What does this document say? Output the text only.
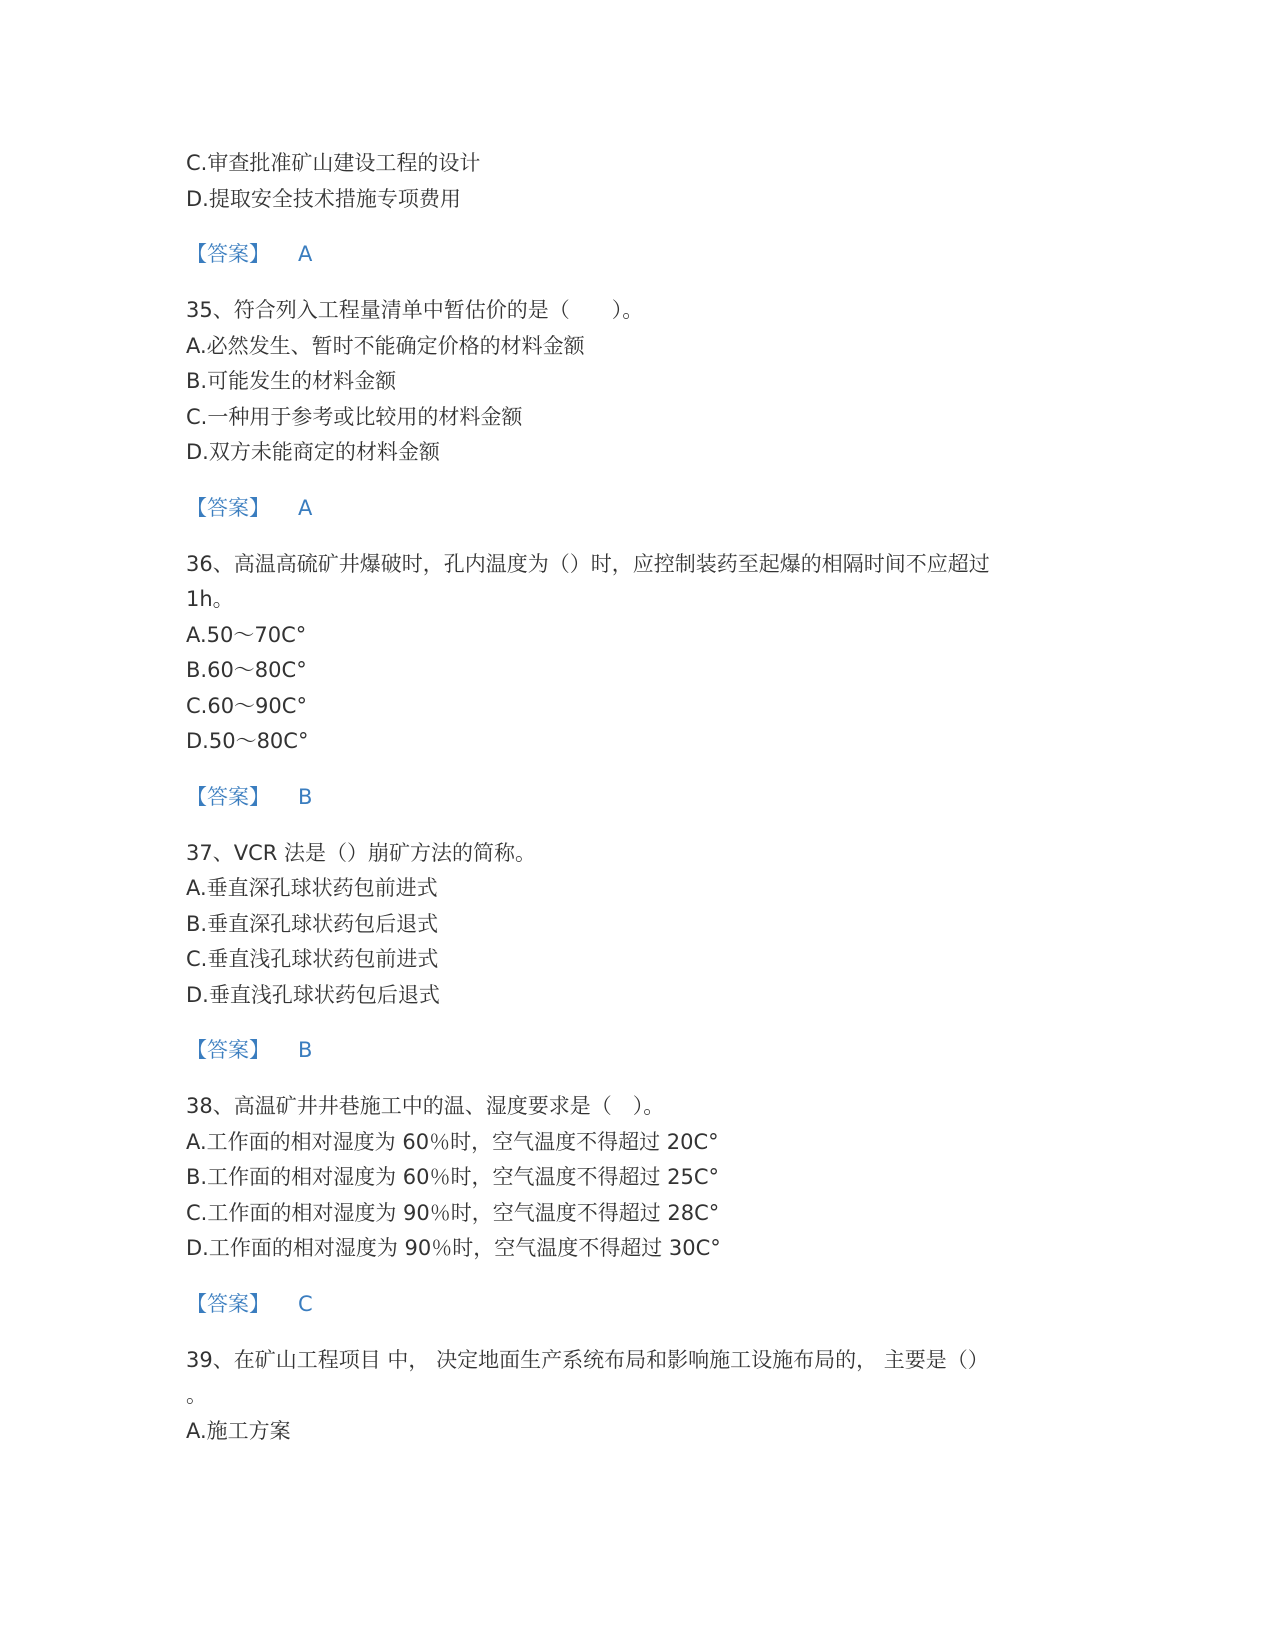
C.审查批准矿山建设工程的设计
D.提取安全技术措施专项费用
【答案】 A
35、符合列入工程量清单中暂估价的是（　　）。
A.必然发生、暂时不能确定价格的材料金额
B.可能发生的材料金额
C.一种用于参考或比较用的材料金额
D.双方未能商定的材料金额
【答案】 A
36、高温高硫矿井爆破时，孔内温度为（）时，应控制装药至起爆的相隔时间不应超过
1h。
A.50～70C°
B.60～80C°
C.60～90C°
D.50～80C°
【答案】 B
37、VCR 法是（）崩矿方法的简称。
A.垂直深孔球状药包前进式
B.垂直深孔球状药包后退式
C.垂直浅孔球状药包前进式
D.垂直浅孔球状药包后退式
【答案】 B
38、高温矿井井巷施工中的温、湿度要求是（　）。
A.工作面的相对湿度为 60％时，空气温度不得超过 20C°
B.工作面的相对湿度为 60％时，空气温度不得超过 25C°
C.工作面的相对湿度为 90％时，空气温度不得超过 28C°
D.工作面的相对湿度为 90％时，空气温度不得超过 30C°
【答案】 C
39、在矿山工程项目 中， 决定地面生产系统布局和影响施工设施布局的， 主要是（）
。
A.施工方案
